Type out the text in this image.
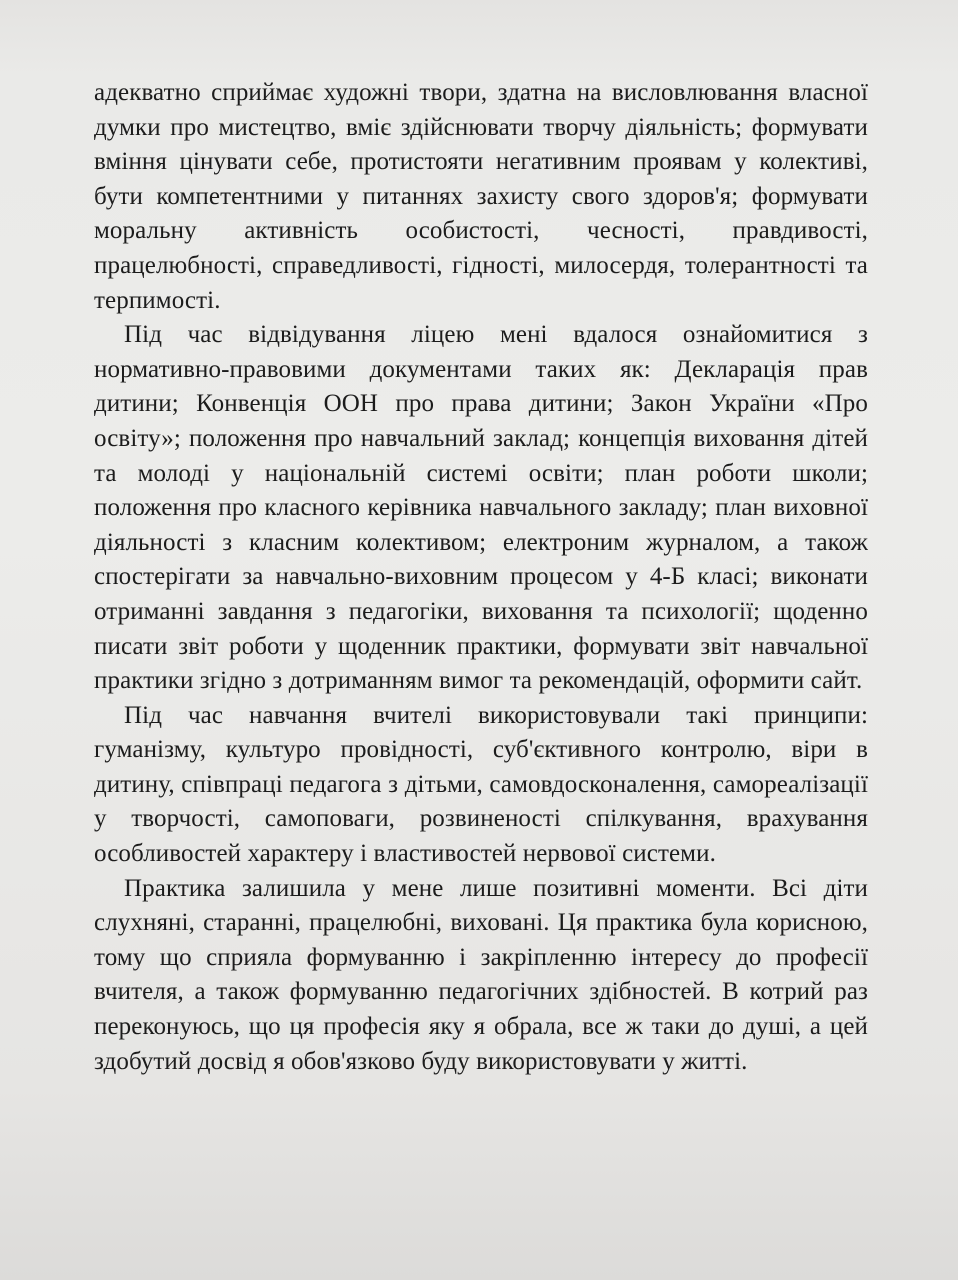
адекватно сприймає художні твори, здатна на висловлювання власної думки про мистецтво, вміє здійснювати творчу діяльність; формувати вміння цінувати себе, протистояти негативним проявам у колективі, бути компетентними у питаннях захисту свого здоров'я; формувати моральну активність особистості, чесності, правдивості, працелюбності, справедливості, гідності, милосердя, толерантності та терпимості.

Під час відвідування ліцею мені вдалося ознайомитися з нормативно-правовими документами таких як: Декларація прав дитини; Конвенція ООН про права дитини; Закон України «Про освіту»; положення про навчальний заклад; концепція виховання дітей та молоді у національній системі освіти; план роботи школи; положення про класного керівника навчального закладу; план виховної діяльності з класним колективом; електроним журналом, а також спостерігати за навчально-виховним процесом у 4-Б класі; виконати отриманні завдання з педагогіки, виховання та психології; щоденно писати звіт роботи у щоденник практики, формувати звіт навчальної практики згідно з дотриманням вимог та рекомендацій, оформити сайт.

Під час навчання вчителі використовували такі принципи: гуманізму, культуро провідності, суб'єктивного контролю, віри в дитину, співпраці педагога з дітьми, самовдосконалення, самореалізації у творчості, самоповаги, розвиненості спілкування, врахування особливостей характеру і властивостей нервової системи.

Практика залишила у мене лише позитивні моменти. Всі діти слухняні, старанні, працелюбні, виховані. Ця практика була корисною, тому що сприяла формуванню і закріпленню інтересу до професії вчителя, а також формуванню педагогічних здібностей. В котрий раз переконуюсь, що ця професія яку я обрала, все ж таки до душі, а цей здобутий досвід я обов'язково буду використовувати у житті.
